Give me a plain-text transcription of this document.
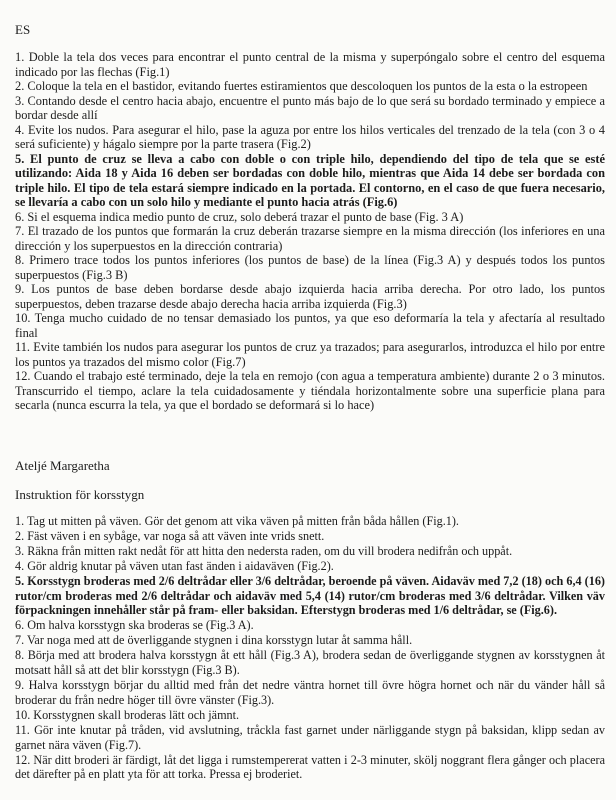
ES

1. Doble la tela dos veces para encontrar el punto central de la misma y superpóngalo sobre el centro del esquema indicado por las flechas (Fig.1)

2. Coloque la tela en el bastidor, evitando fuertes estiramientos que descoloquen los puntos de la esta o la estropeen

3. Contando desde el centro hacia abajo, encuentre el punto más bajo de lo que será su bordado terminado y empiece a bordar desde allí

4. Evite los nudos. Para asegurar el hilo, pase la aguza por entre los hilos verticales del trenzado de la tela (con 3 o 4 será suficiente) y hágalo siempre por la parte trasera (Fig.2)

5. El punto de cruz se lleva a cabo con doble o con triple hilo, dependiendo del tipo de tela que se esté utilizando: Aida 18 y Aida 16 deben ser bordadas con doble hilo, mientras que Aida 14 debe ser bordada con triple hilo. El tipo de tela estará siempre indicado en la portada. El contorno, en el caso de que fuera necesario, se llevaría a cabo con un solo hilo y mediante el punto hacia atrás (Fig.6)

6. Si el esquema indica medio punto de cruz, solo deberá trazar el punto de base (Fig. 3 A)

7. El trazado de los puntos que formarán la cruz deberán trazarse siempre en la misma dirección (los inferiores en una dirección y los superpuestos en la dirección contraria)

8. Primero trace todos los puntos inferiores (los puntos de base) de la línea (Fig.3 A) y después todos los puntos superpuestos (Fig.3 B)

9. Los puntos de base deben bordarse desde abajo izquierda hacia arriba derecha. Por otro lado, los puntos superpuestos, deben trazarse desde abajo derecha hacia arriba izquierda (Fig.3)

10. Tenga mucho cuidado de no tensar demasiado los puntos, ya que eso deformaría la tela y afectaría al resultado final

11. Evite también los nudos para asegurar los puntos de cruz ya trazados; para asegurarlos, introduzca el hilo por entre los puntos ya trazados del mismo color (Fig.7)

12. Cuando el trabajo esté terminado, deje la tela en remojo (con agua a temperatura ambiente) durante 2 o 3 minutos. Transcurrido el tiempo, aclare la tela cuidadosamente y tiéndala horizontalmente sobre una superficie plana para secarla (nunca escurra la tela, ya que el bordado se deformará si lo hace)

Ateljé Margaretha
Instruktion för korsstygn

1. Tag ut mitten på väven. Gör det genom att vika väven på mitten från båda hållen (Fig.1).

2. Fäst väven i en sybåge, var noga så att väven inte vrids snett.

3. Räkna från mitten rakt nedåt för att hitta den nedersta raden, om du vill brodera nedifrån och uppåt.

4. Gör aldrig knutar på väven utan fast änden i aidaväven (Fig.2).

5. Korsstygn broderas med 2/6 deltrådar eller 3/6 deltrådar, beroende på väven. Aidaväv med 7,2 (18) och 6,4 (16) rutor/cm broderas med 2/6 deltrådar och aidaväv med 5,4 (14) rutor/cm broderas med 3/6 deltrådar. Vilken väv förpackningen innehåller står på fram- eller baksidan. Efterstygn broderas med 1/6 deltrådar, se (Fig.6).

6. Om halva korsstygn ska broderas se (Fig.3 A).

7. Var noga med att de överliggande stygnen i dina korsstygn lutar åt samma håll.

8. Börja med att brodera halva korsstygn åt ett håll (Fig.3 A), brodera sedan de överliggande stygnen av korsstygnen åt motsatt håll så att det blir korsstygn (Fig.3 B).

9. Halva korsstygn börjar du alltid med från det nedre väntra hornet till övre högra hornet och när du vänder håll så broderar du från nedre höger till övre vänster (Fig.3).

10. Korsstygnen skall broderas lätt och jämnt.

11. Gör inte knutar på tråden, vid avslutning, tråckla fast garnet under närliggande stygn på baksidan, klipp sedan av garnet nära väven (Fig.7).

12. När ditt broderi är färdigt, låt det ligga i rumstempererat vatten i 2-3 minuter, skölj noggrant flera gånger och placera det därefter på en platt yta för att torka. Pressa ej broderiet.
